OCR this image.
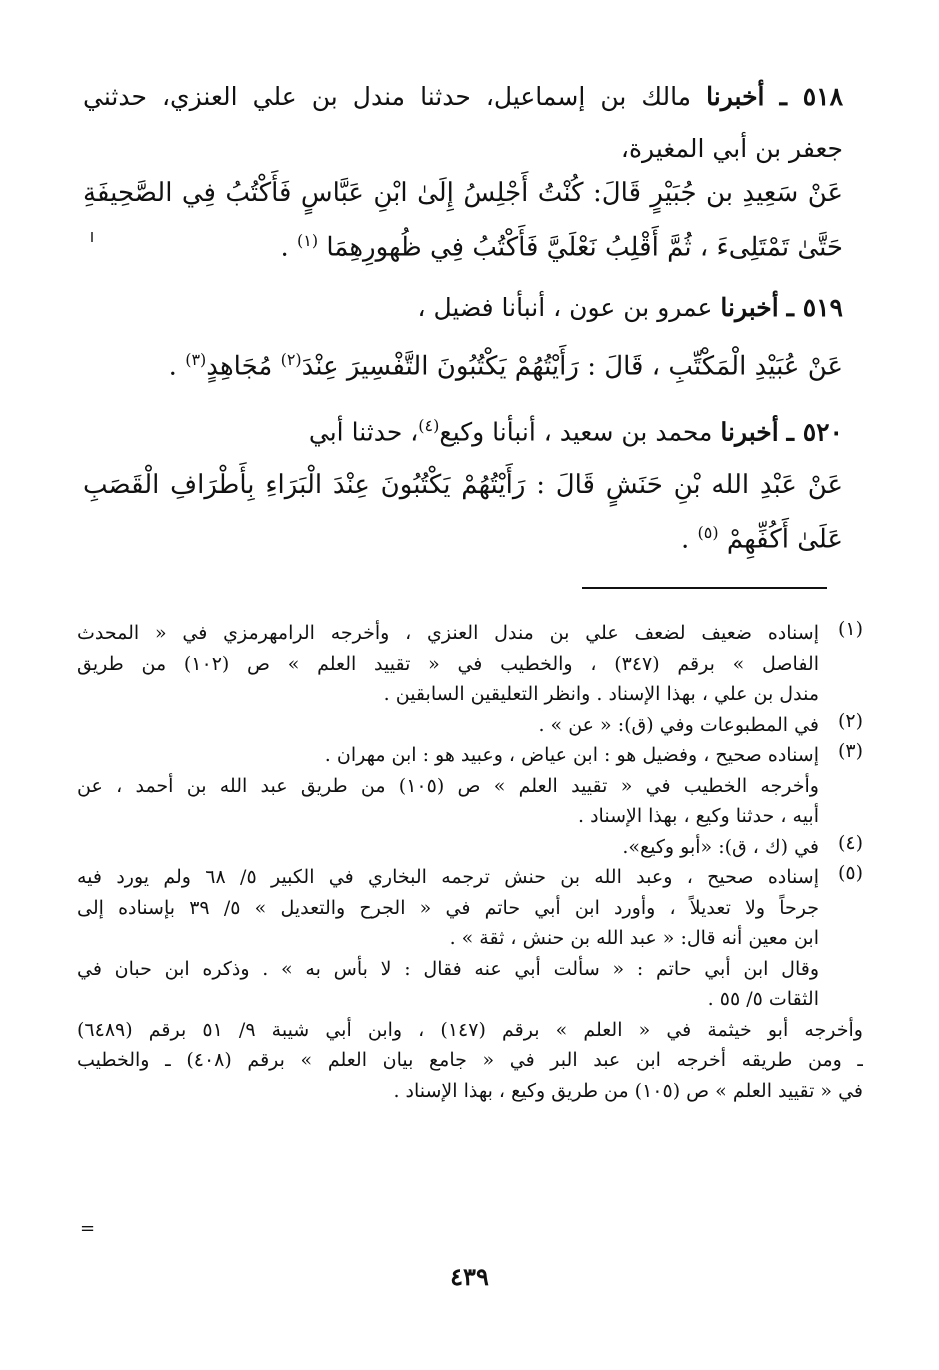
٥١٨ ـ أخبرنا مالك بن إسماعيل، حدثنا مندل بن علي العنزي، حدثني
جعفر بن أبي المغيرة،
عَنْ سَعِيدِ بن جُبَيْرٍ قَالَ: كُنْتُ أَجْلِسُ إِلَىٰ ابْنِ عَبَّاسٍ فَأَكْتُبُ فِي الصَّحِيفَةِ
حَتَّىٰ تَمْتَلِىءَ ، ثُمَّ أَقْلِبُ نَعْلَيَّ فَأَكْتُبُ فِي ظُهورِهِمَا $^{(١)}$ .
٥١٩ ـ أخبرنا عمرو بن عون ، أنبأنا فضيل ،
عَنْ عُبَيْدِ الْمَكْتِّبِ ، قَالَ : رَأَيْتُهُمْ يَكْتُبُونَ التَّفْسِيرَ عِنْدَ$^{(٢)}$ مُجَاهِدٍ$^{(٣)}$ .
٥٢٠ ـ أخبرنا محمد بن سعيد ، أنبأنا وكيع$^{(٤)}$، حدثنا أبي
عَنْ عَبْدِ الله بْنِ حَنَشٍ قَالَ : رَأَيْتُهُمْ يَكْتُبُونَ عِنْدَ الْبَرَاءِ بِأَطْرَافِ الْقَصَبِ
عَلَىٰ أَكُفِّهِمْ $^{(٥)}$ .
(١)
إسناده ضعيف لضعف علي بن مندل العنزي ، وأخرجه الرامهرمزي في « المحدث
الفاصل » برقم (٣٤٧) ، والخطيب في « تقييد العلم » ص (١٠٢) من طريق
مندل بن علي ، بهذا الإسناد . وانظر التعليقين السابقين .
(٢)
في المطبوعات وفي (ق): « عن » .
(٣)
إسناده صحيح ، وفضيل هو : ابن عياض ، وعبيد هو : ابن مهران .
وأخرجه الخطيب في « تقييد العلم » ص (١٠٥) من طريق عبد الله بن أحمد ، عن
أبيه ، حدثنا وكيع ، بهذا الإسناد .
(٤)
في (ك ، ق): «أبو وكيع».
(٥)
إسناده صحيح ، وعبد الله بن حنش ترجمه البخاري في الكبير ٥/ ٦٨ ولم يورد فيه
جرحاً ولا تعديلاً ، وأورد ابن أبي حاتم في « الجرح والتعديل » ٥/ ٣٩ بإسناده إلى
ابن معين أنه قال: « عبد الله بن حنش ، ثقة » .
وقال ابن أبي حاتم : « سألت أبي عنه فقال : لا بأس به » . وذكره ابن حبان في
الثقات ٥/ ٥٥ .
وأخرجه أبو خيثمة في « العلم » برقم (١٤٧) ، وابن أبي شيبة ٩/ ٥١ برقم (٦٤٨٩)
ـ ومن طريقه أخرجه ابن عبد البر في « جامع بيان العلم » برقم (٤٠٨) ـ والخطيب
في « تقييد العلم » ص (١٠٥) من طريق وكيع ، بهذا الإسناد .
=
٤٣٩
